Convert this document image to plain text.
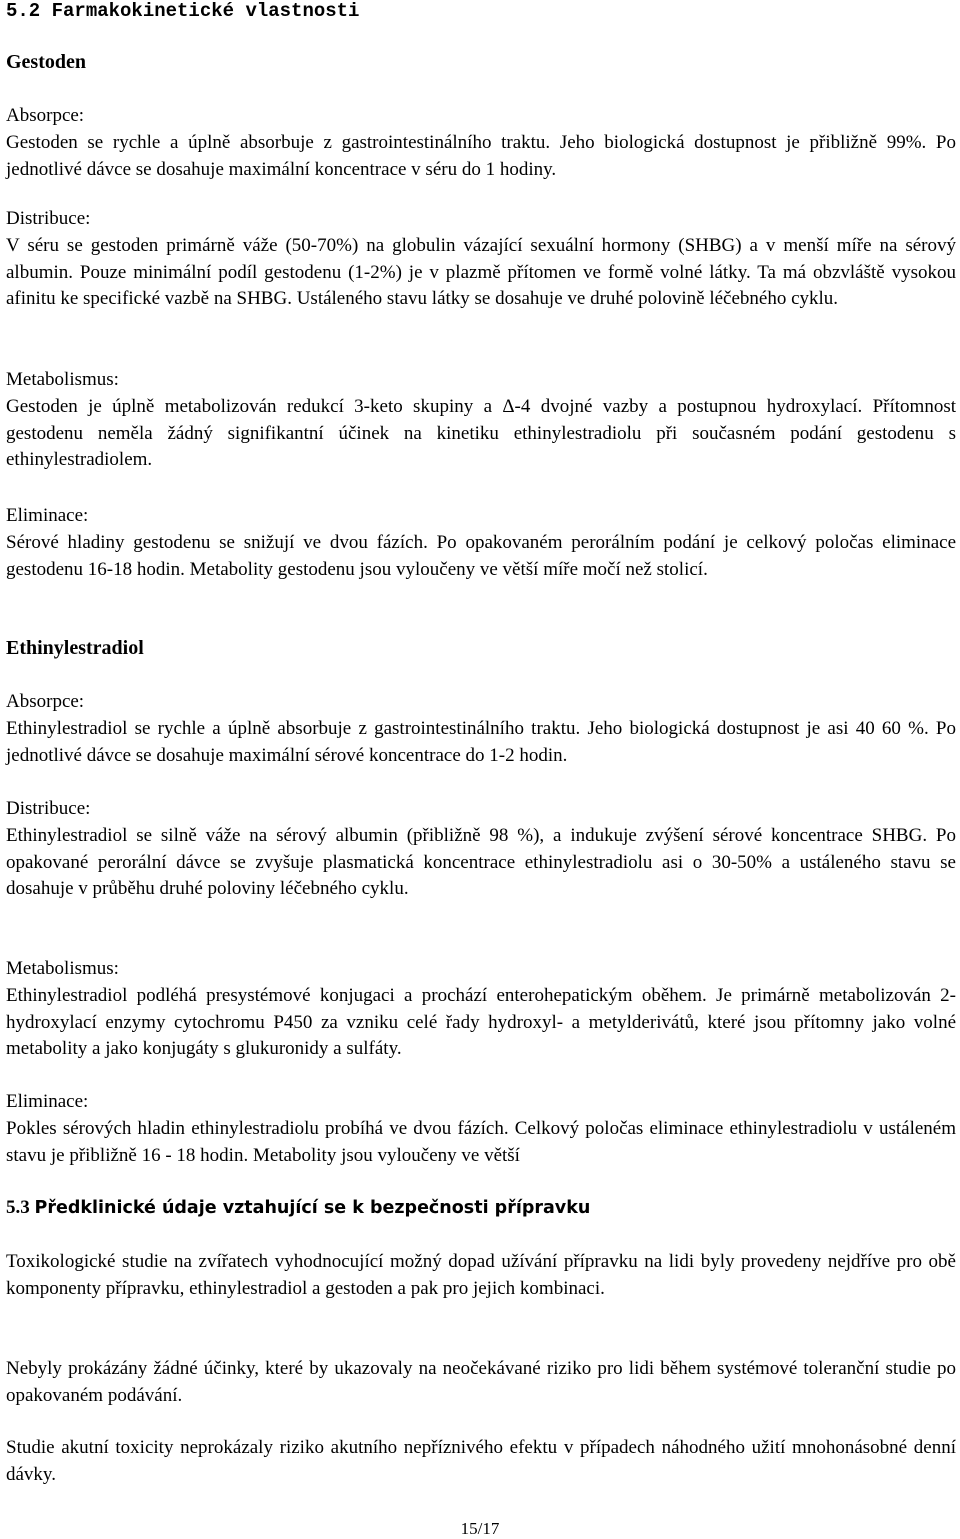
5.2 Farmakokinetické vlastnosti
Gestoden
Absorpce:

Gestoden se rychle a úplně absorbuje z gastrointestinálního traktu. Jeho biologická dostupnost je přibližně 99%. Po jednotlivé dávce se dosahuje maximální koncentrace v séru do 1 hodiny.

Distribuce:

V séru se gestoden primárně váže (50-70%) na globulin vázající sexuální hormony (SHBG) a v menší míře na sérový albumin. Pouze minimální podíl gestodenu (1-2%) je v plazmě přítomen ve formě volné látky. Ta má obzvláště vysokou afinitu ke specifické vazbě na SHBG. Ustáleného stavu látky se dosahuje ve druhé polovině léčebného cyklu.

Metabolismus:

Gestoden je úplně metabolizován redukcí 3-keto skupiny a Δ-4 dvojné vazby a postupnou hydroxylací. Přítomnost gestodenu neměla žádný signifikantní účinek na kinetiku ethinylestradiolu při současném podání gestodenu s ethinylestradiolem.

Eliminace:

Sérové hladiny gestodenu se snižují ve dvou fázích. Po opakovaném perorálním podání je celkový poločas eliminace gestodenu 16-18 hodin. Metabolity gestodenu jsou vyloučeny ve větší míře močí než stolicí.

Ethinylestradiol
Absorpce:

Ethinylestradiol se rychle a úplně absorbuje z gastrointestinálního traktu. Jeho biologická dostupnost je asi 40 60 %. Po jednotlivé dávce se dosahuje maximální sérové koncentrace do 1-2 hodin.

Distribuce:

Ethinylestradiol se silně váže na sérový albumin (přibližně 98 %), a indukuje zvýšení sérové koncentrace SHBG. Po opakované perorální dávce se zvyšuje plasmatická koncentrace ethinylestradiolu asi o 30-50% a ustáleného stavu se dosahuje v průběhu druhé poloviny léčebného cyklu.

Metabolismus:

Ethinylestradiol podléhá presystémové konjugaci a prochází enterohepatickým oběhem. Je primárně metabolizován 2-hydroxylací enzymy cytochromu P450 za vzniku celé řady hydroxyl- a metylderivátů, které jsou přítomny jako volné metabolity a jako konjugáty s glukuronidy a sulfáty.

Eliminace:

Pokles sérových hladin ethinylestradiolu probíhá ve dvou fázích. Celkový poločas eliminace ethinylestradiolu v ustáleném stavu je přibližně 16 - 18 hodin. Metabolity jsou vyloučeny ve větší

5.3 Předklinické údaje vztahující se k bezpečnosti přípravku

Toxikologické studie na zvířatech vyhodnocující možný dopad užívání přípravku na lidi byly provedeny nejdříve pro obě komponenty přípravku, ethinylestradiol a gestoden a pak pro jejich kombinaci.

Nebyly prokázány žádné účinky, které by ukazovaly na neočekávané riziko pro lidi během systémové toleranční studie po opakovaném podávání.

Studie akutní toxicity neprokázaly riziko akutního nepříznivého efektu v případech náhodného užití mnohonásobné denní dávky.

15/17
